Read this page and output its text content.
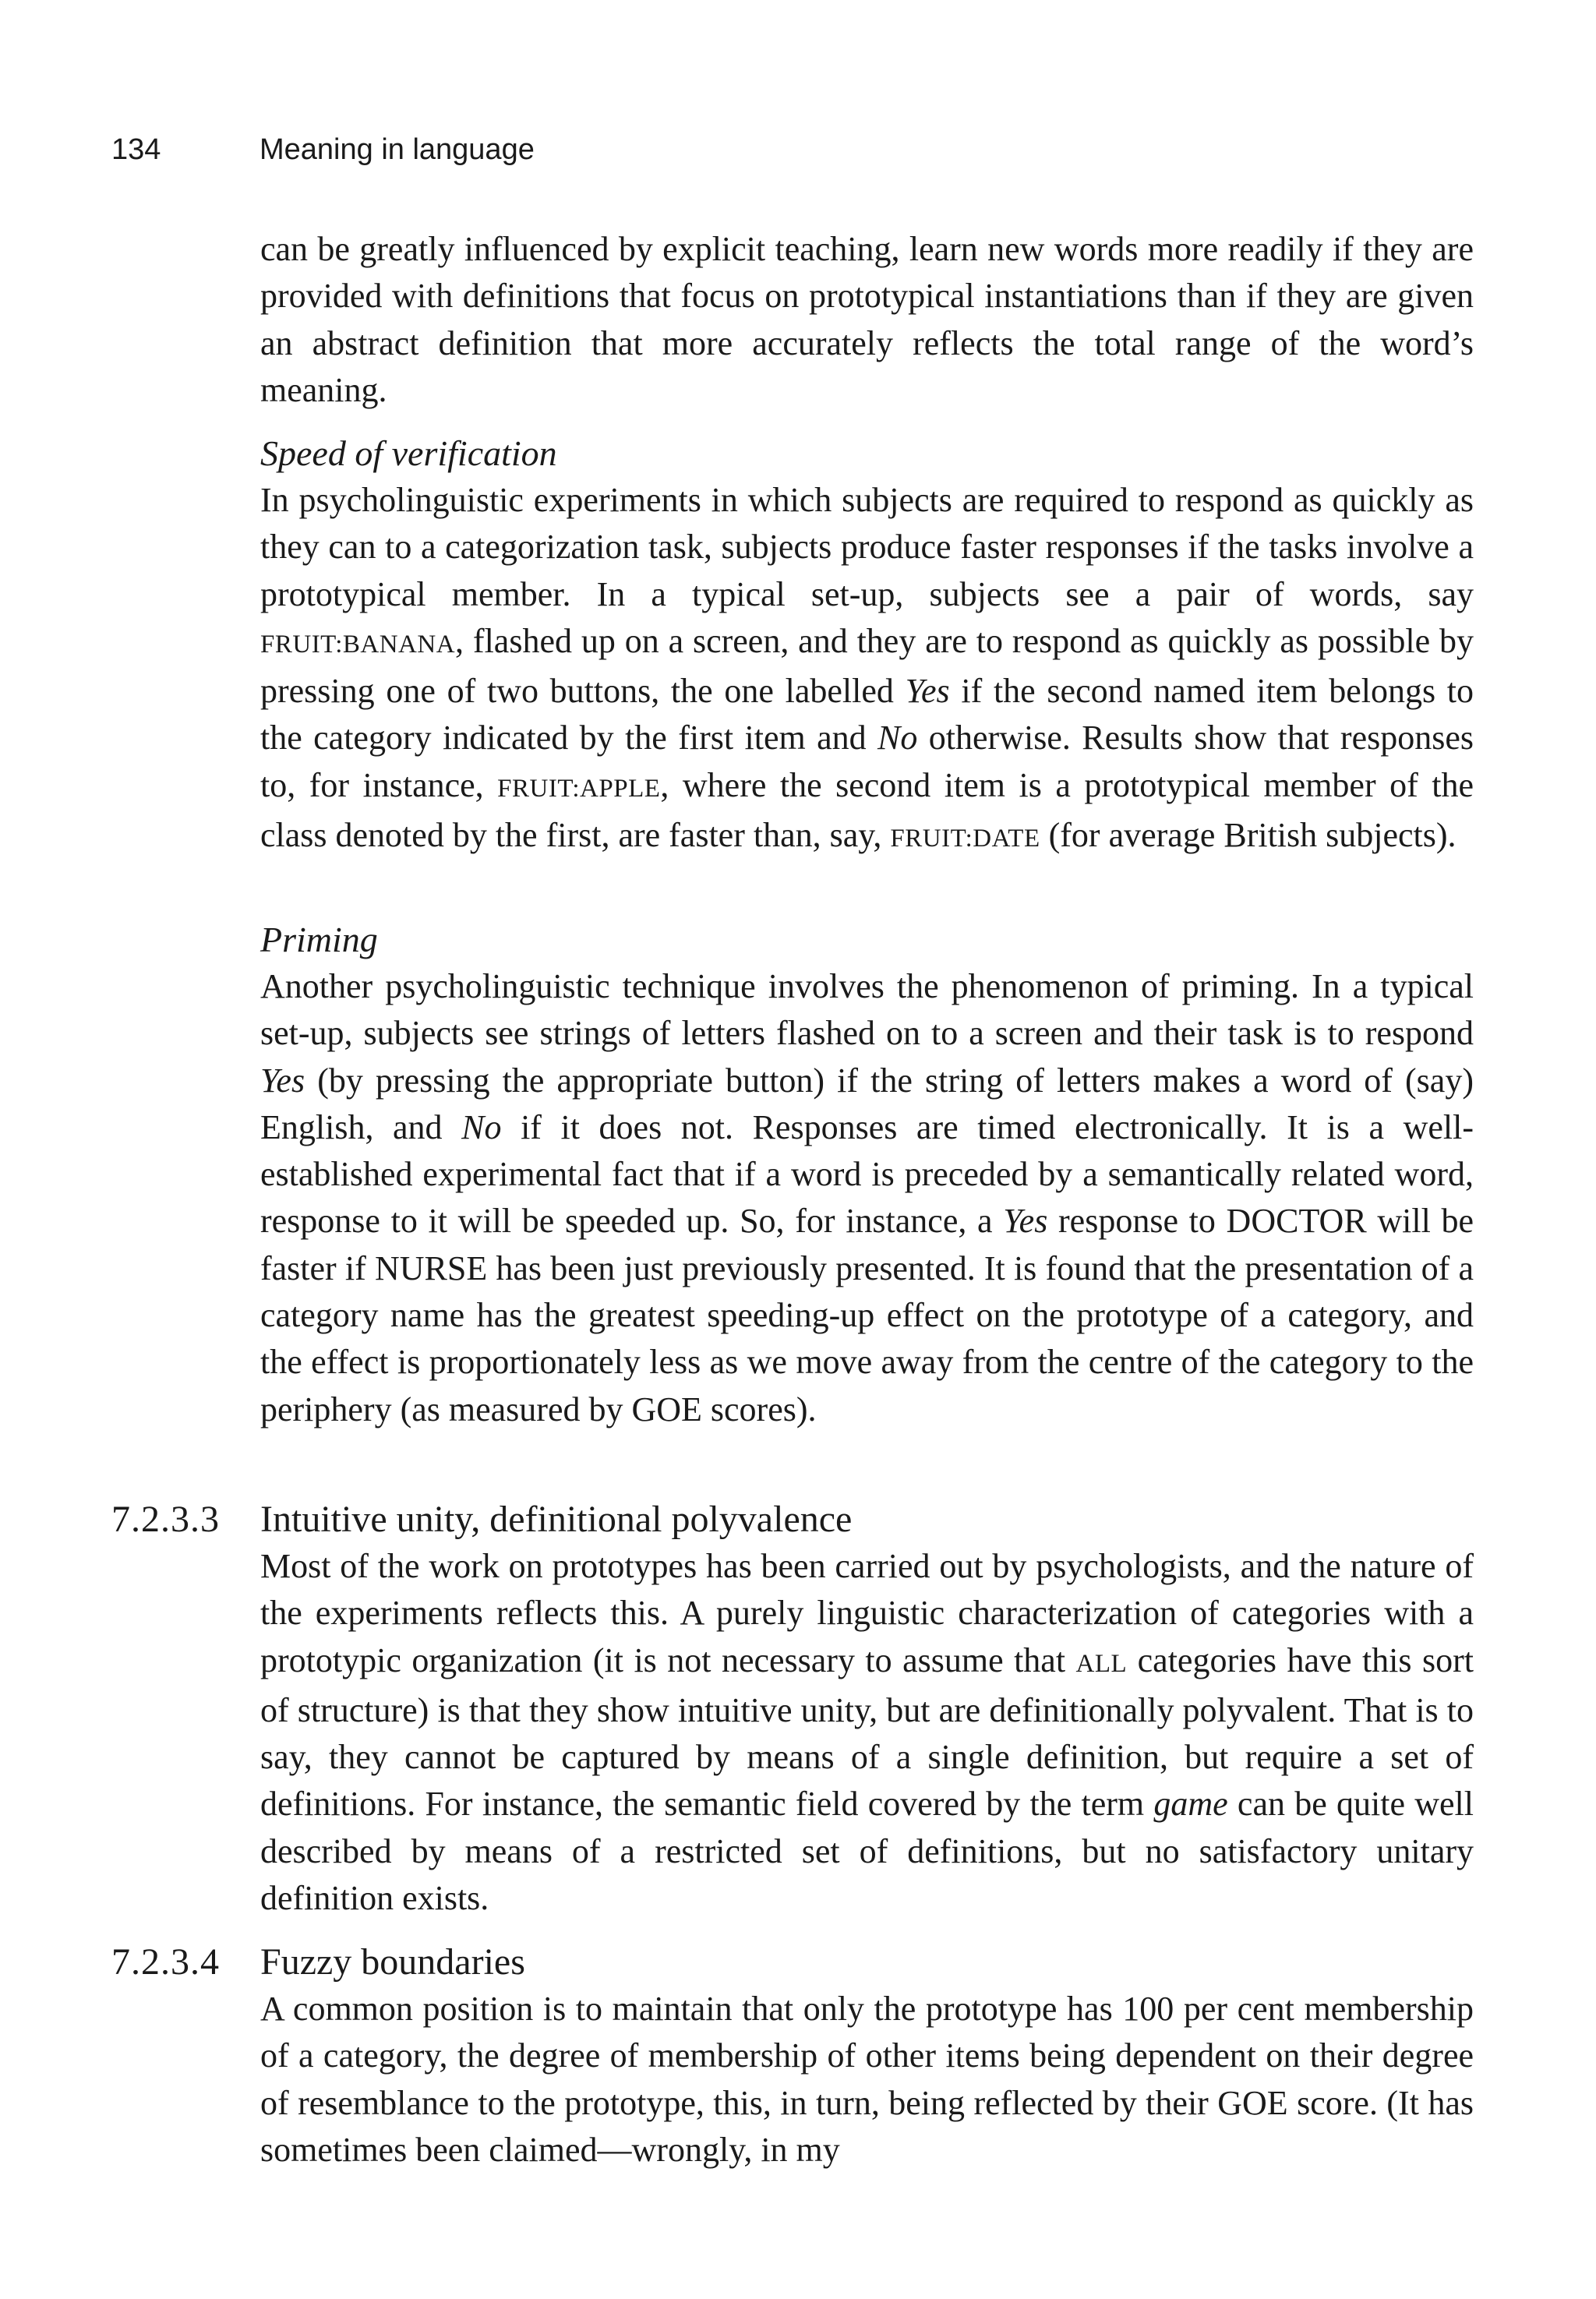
134	Meaning in language

can be greatly influenced by explicit teaching, learn new words more readily if they are provided with definitions that focus on prototypical instantiations than if they are given an abstract definition that more accurately reflects the total range of the word’s meaning.

Speed of verification

In psycholinguistic experiments in which subjects are required to respond as quickly as they can to a categorization task, subjects produce faster responses if the tasks involve a prototypical member. In a typical set-up, subjects see a pair of words, say FRUIT:BANANA, flashed up on a screen, and they are to respond as quickly as possible by pressing one of two buttons, the one labelled Yes if the second named item belongs to the category indicated by the first item and No otherwise. Results show that responses to, for instance, FRUIT:APPLE, where the second item is a prototypical member of the class denoted by the first, are faster than, say, FRUIT:DATE (for average British subjects).

Priming

Another psycholinguistic technique involves the phenomenon of priming. In a typical set-up, subjects see strings of letters flashed on to a screen and their task is to respond Yes (by pressing the appropriate button) if the string of letters makes a word of (say) English, and No if it does not. Responses are timed electronically. It is a well-established experimental fact that if a word is preceded by a semantically related word, response to it will be speeded up. So, for instance, a Yes response to DOCTOR will be faster if NURSE has been just previously presented. It is found that the presentation of a category name has the greatest speeding-up effect on the prototype of a category, and the effect is proportionately less as we move away from the centre of the category to the periphery (as measured by GOE scores).

7.2.3.3 Intuitive unity, definitional polyvalence

Most of the work on prototypes has been carried out by psychologists, and the nature of the experiments reflects this. A purely linguistic characterization of categories with a prototypic organization (it is not necessary to assume that ALL categories have this sort of structure) is that they show intuitive unity, but are definitionally polyvalent. That is to say, they cannot be captured by means of a single definition, but require a set of definitions. For instance, the semantic field covered by the term game can be quite well described by means of a restricted set of definitions, but no satisfactory unitary definition exists.

7.2.3.4 Fuzzy boundaries

A common position is to maintain that only the prototype has 100 per cent membership of a category, the degree of membership of other items being dependent on their degree of resemblance to the prototype, this, in turn, being reflected by their GOE score. (It has sometimes been claimed—wrongly, in my
